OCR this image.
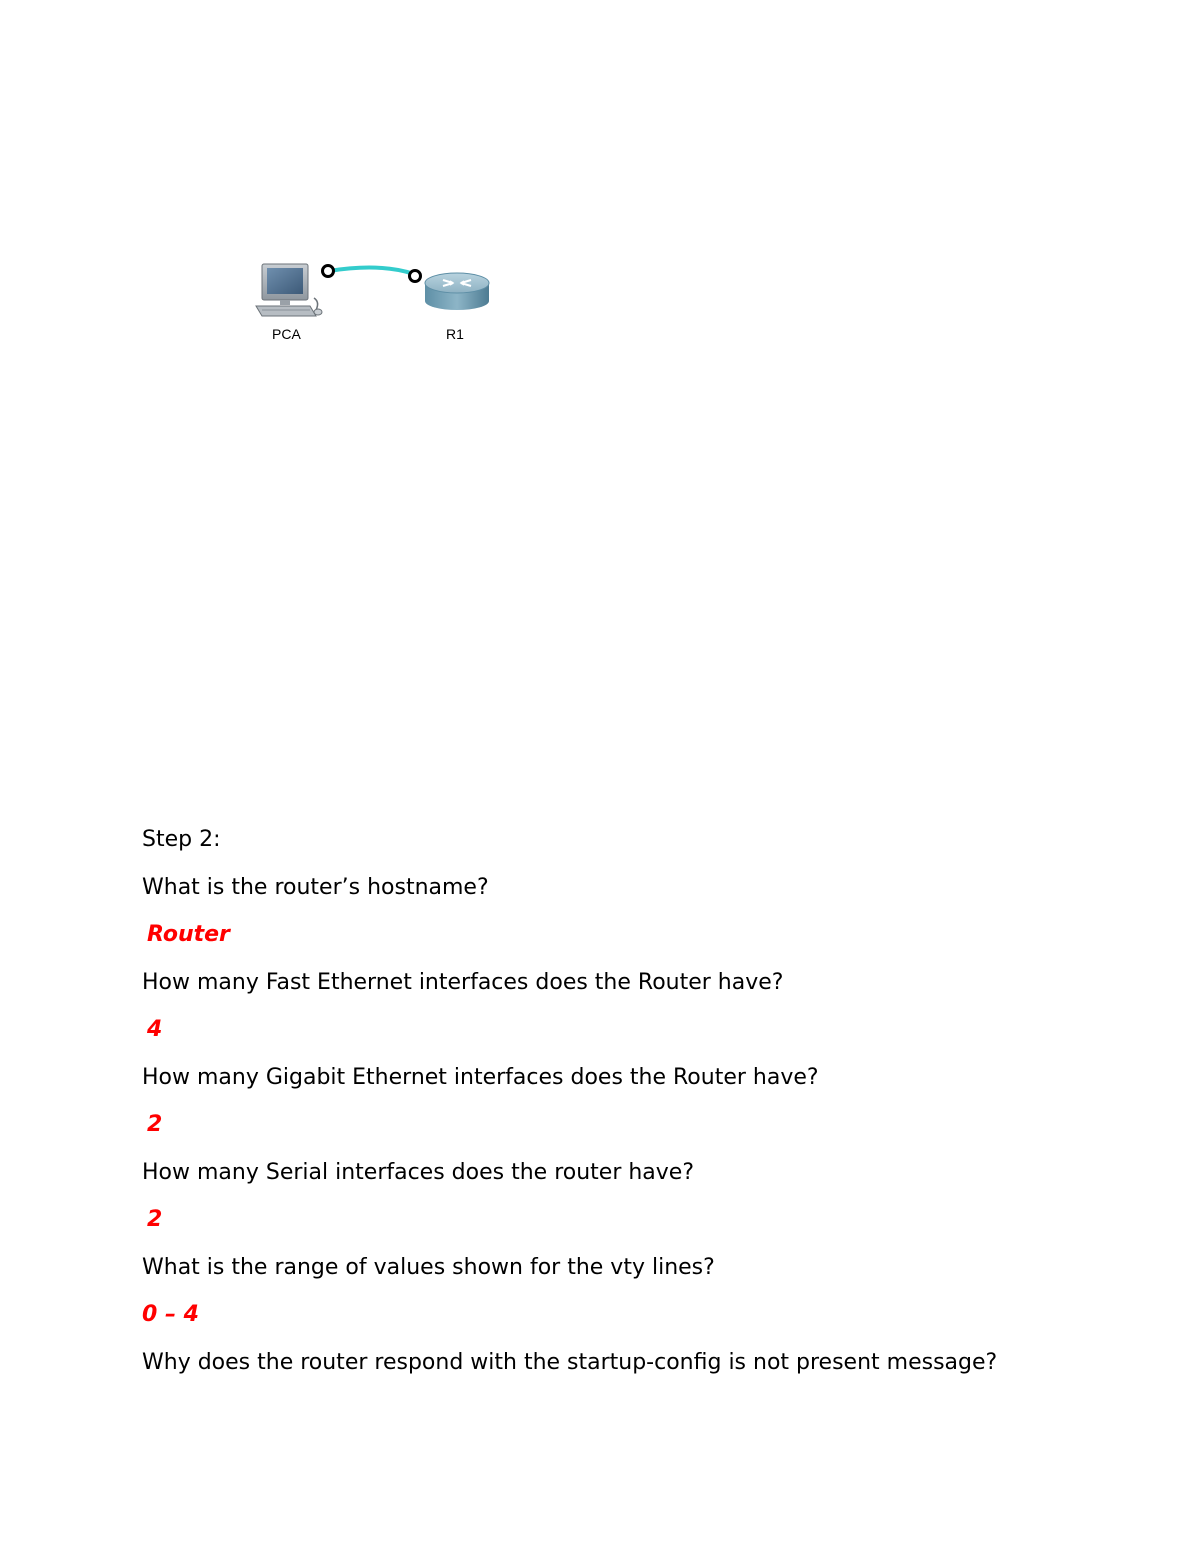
PCA	R1
Step 2:
What is the router’s hostname?
Router
How many Fast Ethernet interfaces does the Router have?
4
How many Gigabit Ethernet interfaces does the Router have?
2
How many Serial interfaces does the router have?
2
What is the range of values shown for the vty lines?
0 – 4
Why does the router respond with the startup-config is not present message?
